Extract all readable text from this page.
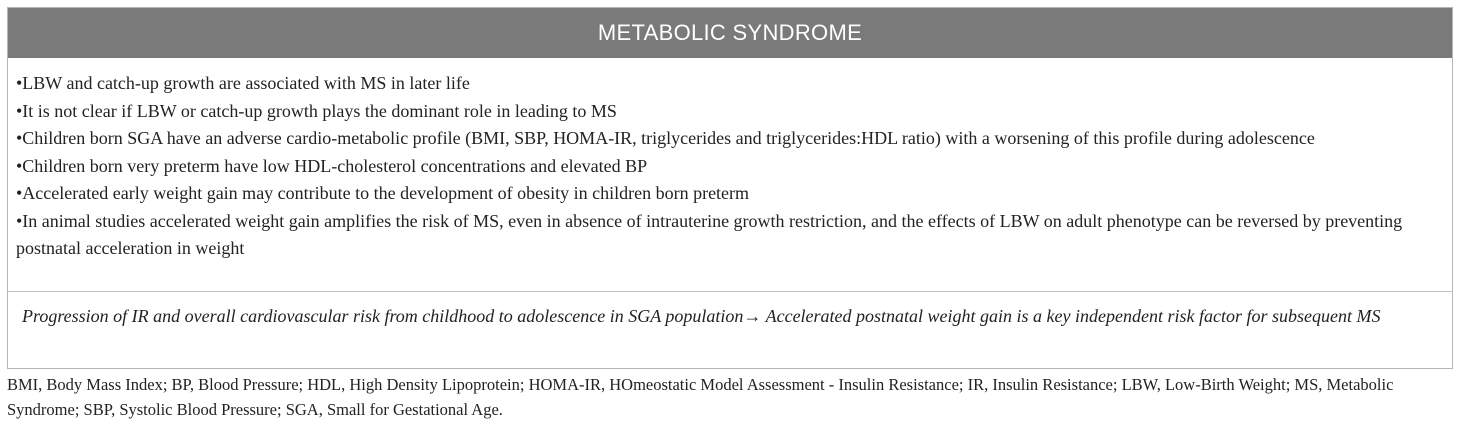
METABOLIC SYNDROME
•LBW and catch-up growth are associated with MS in later life
•It is not clear if LBW or catch-up growth plays the dominant role in leading to MS
•Children born SGA have an adverse cardio-metabolic profile (BMI, SBP, HOMA-IR, triglycerides and triglycerides:HDL ratio) with a worsening of this profile during adolescence
•Children born very preterm have low HDL-cholesterol concentrations and elevated BP
•Accelerated early weight gain may contribute to the development of obesity in children born preterm
•In animal studies accelerated weight gain amplifies the risk of MS, even in absence of intrauterine growth restriction, and the effects of LBW on adult phenotype can be reversed by preventing postnatal acceleration in weight
Progression of IR and overall cardiovascular risk from childhood to adolescence in SGA population→ Accelerated postnatal weight gain is a key independent risk factor for subsequent MS
BMI, Body Mass Index; BP, Blood Pressure; HDL, High Density Lipoprotein; HOMA-IR, HOmeostatic Model Assessment - Insulin Resistance; IR, Insulin Resistance; LBW, Low-Birth Weight; MS, Metabolic Syndrome; SBP, Systolic Blood Pressure; SGA, Small for Gestational Age.
